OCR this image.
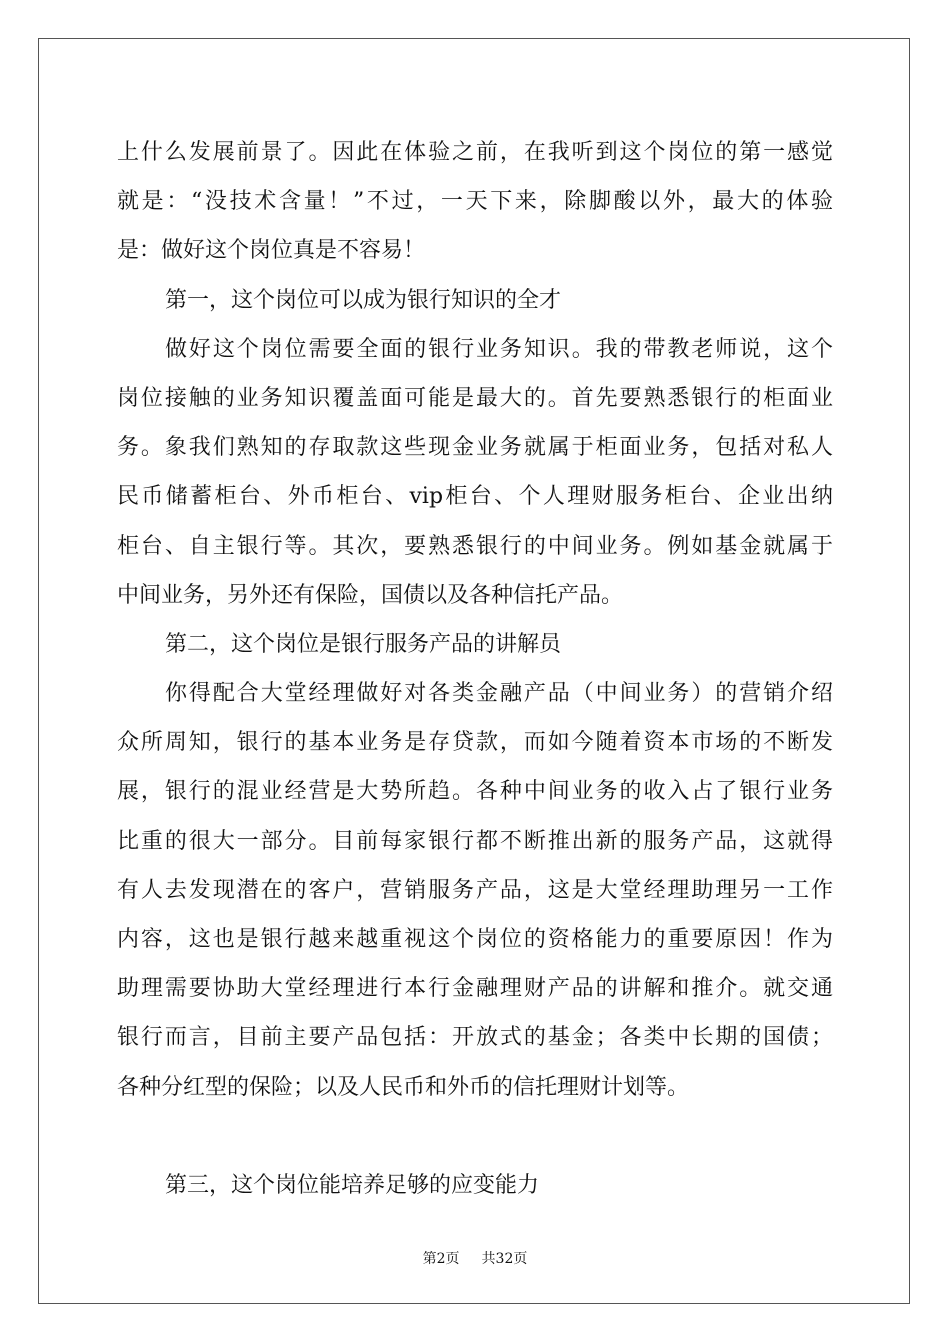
上什么发展前景了。因此在体验之前，在我听到这个岗位的第一感觉
就是：“没技术含量！”不过，一天下来，除脚酸以外，最大的体验
是：做好这个岗位真是不容易！
第一，这个岗位可以成为银行知识的全才
做好这个岗位需要全面的银行业务知识。我的带教老师说，这个
岗位接触的业务知识覆盖面可能是最大的。首先要熟悉银行的柜面业
务。象我们熟知的存取款这些现金业务就属于柜面业务，包括对私人
民币储蓄柜台、外币柜台、vip柜台、个人理财服务柜台、企业出纳
柜台、自主银行等。其次，要熟悉银行的中间业务。例如基金就属于
中间业务，另外还有保险，国债以及各种信托产品。
第二，这个岗位是银行服务产品的讲解员
你得配合大堂经理做好对各类金融产品（中间业务）的营销介绍
众所周知，银行的基本业务是存贷款，而如今随着资本市场的不断发
展，银行的混业经营是大势所趋。各种中间业务的收入占了银行业务
比重的很大一部分。目前每家银行都不断推出新的服务产品，这就得
有人去发现潜在的客户，营销服务产品，这是大堂经理助理另一工作
内容，这也是银行越来越重视这个岗位的资格能力的重要原因！作为
助理需要协助大堂经理进行本行金融理财产品的讲解和推介。就交通
银行而言，目前主要产品包括：开放式的基金；各类中长期的国债；
各种分红型的保险；以及人民币和外币的信托理财计划等。
第三，这个岗位能培养足够的应变能力
第2页 共32页
